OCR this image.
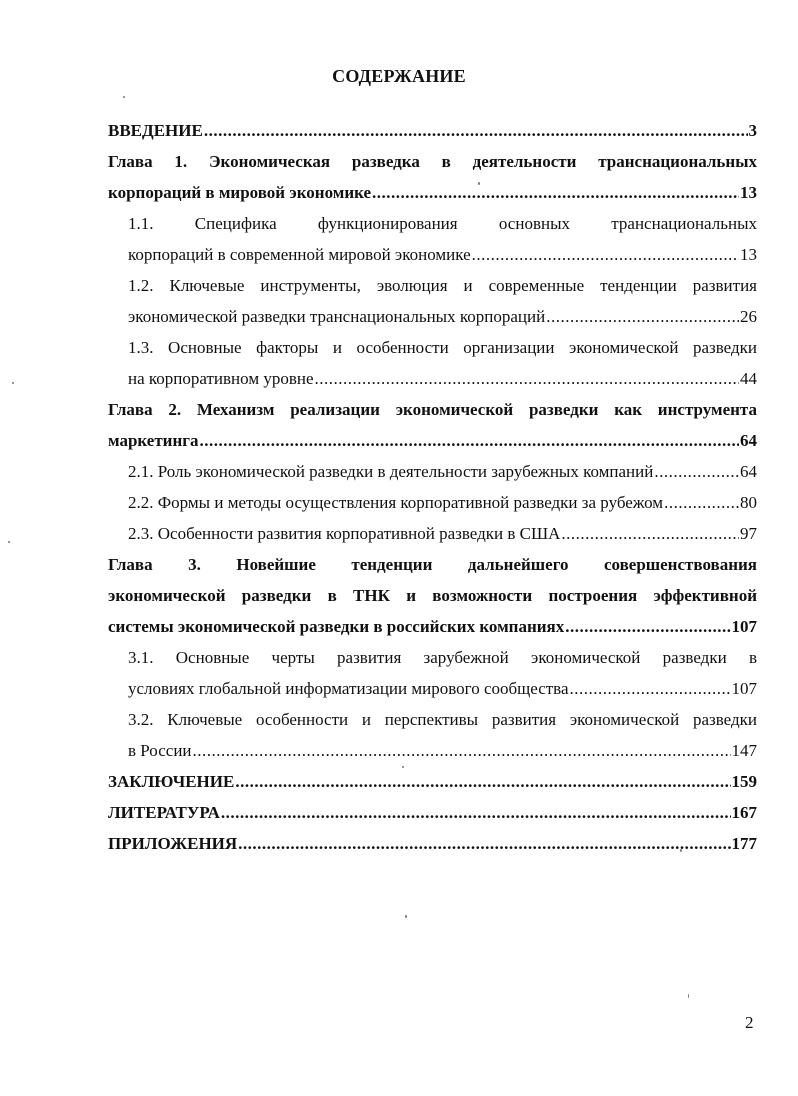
СОДЕРЖАНИЕ
ВВЕДЕНИЕ .....	3
Глава 1. Экономическая разведка в деятельности транснациональных
корпораций в мировой экономике .....	13
1.1. Специфика функционирования основных транснациональных
корпораций в современной мировой экономике .....	13
1.2. Ключевые инструменты, эволюция и современные тенденции развития
экономической разведки транснациональных корпораций .....	26
1.3. Основные факторы и особенности организации экономической разведки
на корпоративном уровне .....	44
Глава 2. Механизм реализации экономической разведки как инструмента
маркетинга .....	64
2.1. Роль экономической разведки в деятельности зарубежных компаний .....	64
2.2. Формы и методы осуществления корпоративной разведки за рубежом .....	80
2.3. Особенности развития корпоративной разведки в США .....	97
Глава 3. Новейшие тенденции дальнейшего совершенствования
экономической разведки в ТНК и возможности построения эффективной
системы экономической разведки в российских компаниях .....	107
3.1. Основные черты развития зарубежной экономической разведки в
условиях глобальной информатизации мирового сообщества .....	107
3.2. Ключевые особенности и перспективы развития экономической разведки
в России .....	147
ЗАКЛЮЧЕНИЕ .....	159
ЛИТЕРАТУРА .....	167
ПРИЛОЖЕНИЯ .....	177
2
